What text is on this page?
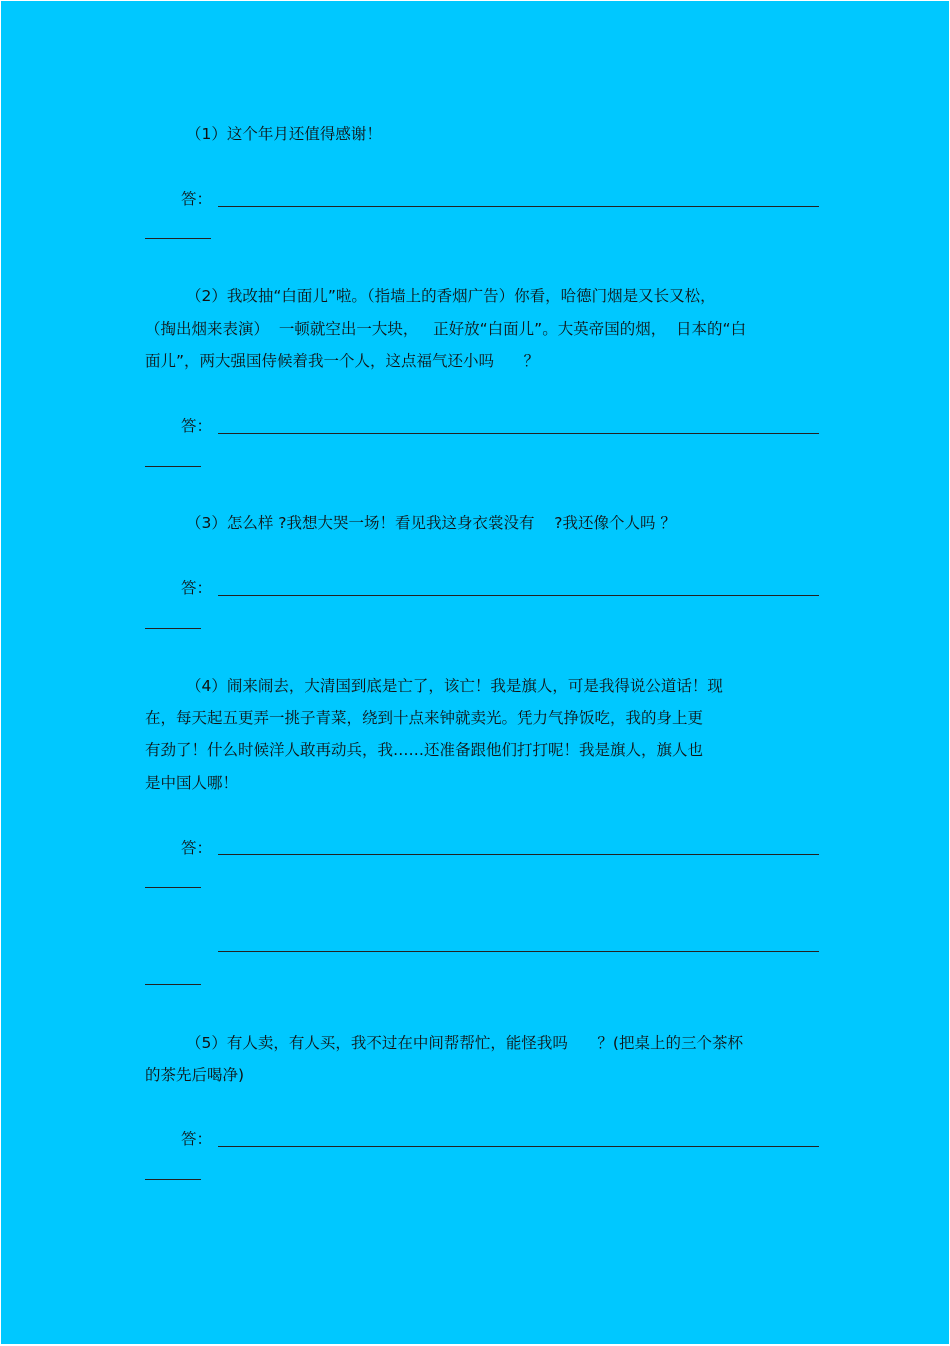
（1）这个年月还值得感谢！
答：
（2）我改抽“白面儿”啦。（指墙上的香烟广告）你看，哈德门烟是又长又松，
（掏出烟来表演）  一顿就空出一大块，   正好放“白面儿”。大英帝国的烟，  日本的“白
面儿”，两大强国侍候着我一个人，这点福气还小吗      ？
答：
（3）怎么样 ?我想大哭一场！看见我这身衣裳没有    ?我还像个人吗 ？
答：
（4）闹来闹去，大清国到底是亡了，该亡！我是旗人，可是我得说公道话！现
在，每天起五更弄一挑子青菜，绕到十点来钟就卖光。凭力气挣饭吃，我的身上更
有劲了！什么时候洋人敢再动兵，我……还准备跟他们打打呢！我是旗人，旗人也
是中国人哪！
答：
（5）有人卖，有人买，我不过在中间帮帮忙，能怪我吗      ？(把桌上的三个茶杯
的茶先后喝净)
答：
